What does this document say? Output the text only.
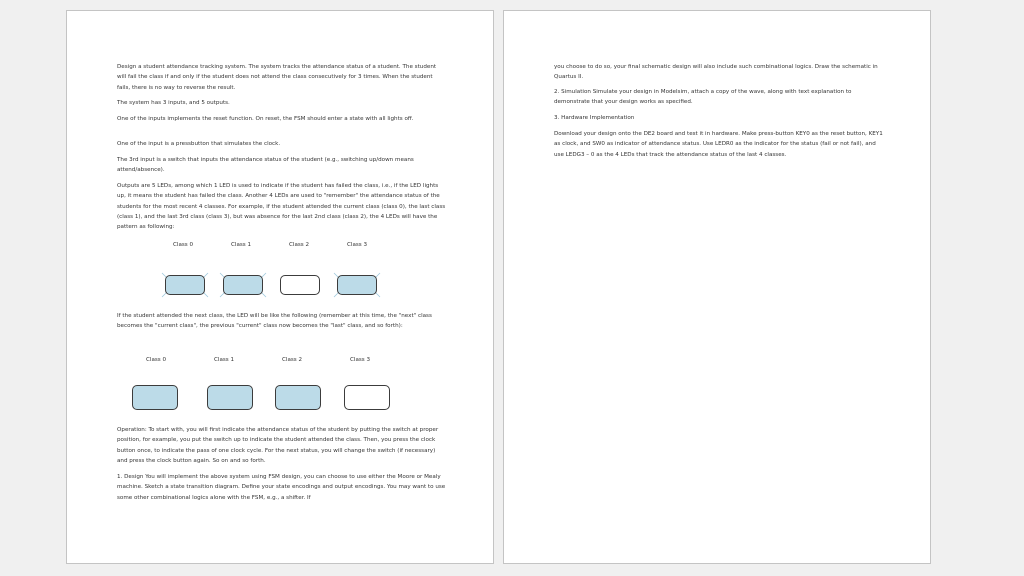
Design a student attendance tracking system. The system tracks the attendance status of a student. The student will fail the class if and only if the student does not attend the class consecutively for 3 times. When the student fails, there is no way to reverse the result.

The system has 3 inputs, and 5 outputs.

One of the inputs implements the reset function. On reset, the FSM should enter a state with all lights off.

One of the input is a pressbutton that simulates the clock.

The 3rd input is a switch that inputs the attendance status of the student (e.g., switching up/down means attend/absence).

Outputs are 5 LEDs, among which 1 LED is used to indicate if the student has failed the class, i.e., if the LED lights up, it means the student has failed the class. Another 4 LEDs are used to "remember" the attendance status of the students for the most recent 4 classes. For example, if the student attended the current class (class 0), the last class (class 1), and the last 3rd class (class 3), but was absence for the last 2nd class (class 2), the 4 LEDs will have the pattern as following:

Class 0	Class 1	Class 2	Class 3

If the student attended the next class, the LED will be like the following (remember at this time, the "next" class becomes the "current class", the previous "current" class now becomes the "last" class, and so forth):

Class 0	Class 1	Class 2	Class 3

Operation: To start with, you will first indicate the attendance status of the student by putting the switch at proper position, for example, you put the switch up to indicate the student attended the class. Then, you press the clock button once, to indicate the pass of one clock cycle. For the next status, you will change the switch (if necessary) and press the clock button again. So on and so forth.

1. Design You will implement the above system using FSM design, you can choose to use either the Moore or Mealy machine. Sketch a state transition diagram. Define your state encodings and output encodings. You may want to use some other combinational logics alone with the FSM, e.g., a shifter. If

you choose to do so, your final schematic design will also include such combinational logics. Draw the schematic in Quartus II.

2. Simulation Simulate your design in Modelsim, attach a copy of the wave, along with text explanation to demonstrate that your design works as specified.

3. Hardware Implementation

Download your design onto the DE2 board and test it in hardware. Make press-button KEY0 as the reset button, KEY1 as clock, and SW0 as indicator of attendance status. Use LEDR0 as the indicator for the status (fail or not fail), and use LEDG3 – 0 as the 4 LEDs that track the attendance status of the last 4 classes.
